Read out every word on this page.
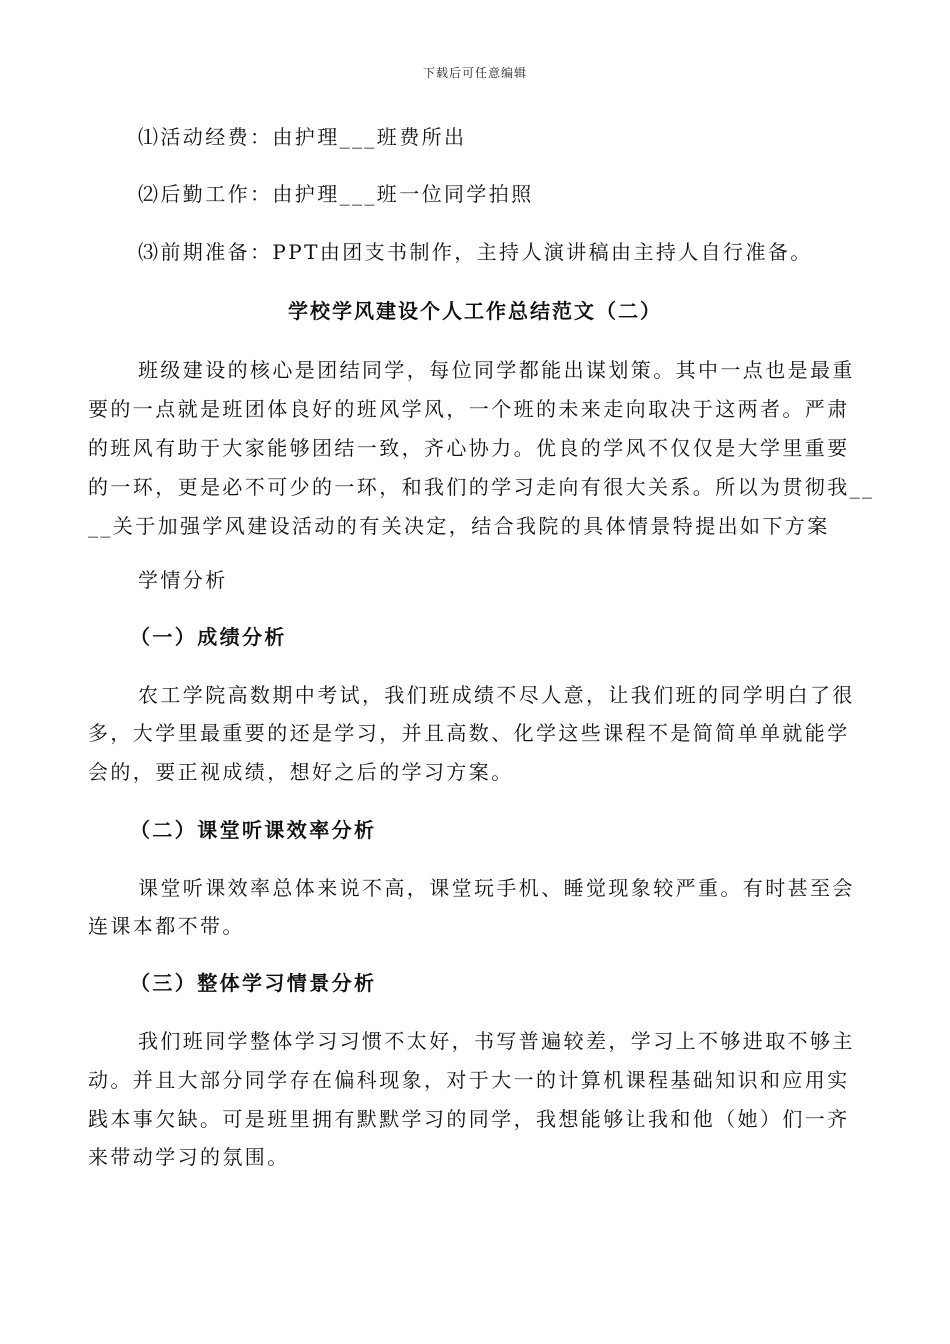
下载后可任意编辑
⑴活动经费：由护理___班费所出
⑵后勤工作：由护理___班一位同学拍照
⑶前期准备：PPT由团支书制作，主持人演讲稿由主持人自行准备。
学校学风建设个人工作总结范文（二）
班级建设的核心是团结同学，每位同学都能出谋划策。其中一点也是最重
要的一点就是班团体良好的班风学风，一个班的未来走向取决于这两者。严肃
的班风有助于大家能够团结一致，齐心协力。优良的学风不仅仅是大学里重要
的一环，更是必不可少的一环，和我们的学习走向有很大关系。所以为贯彻我__
__关于加强学风建设活动的有关决定，结合我院的具体情景特提出如下方案
学情分析
（一）成绩分析
农工学院高数期中考试，我们班成绩不尽人意，让我们班的同学明白了很
多，大学里最重要的还是学习，并且高数、化学这些课程不是简简单单就能学
会的，要正视成绩，想好之后的学习方案。
（二）课堂听课效率分析
课堂听课效率总体来说不高，课堂玩手机、睡觉现象较严重。有时甚至会
连课本都不带。
（三）整体学习情景分析
我们班同学整体学习习惯不太好，书写普遍较差，学习上不够进取不够主
动。并且大部分同学存在偏科现象，对于大一的计算机课程基础知识和应用实
践本事欠缺。可是班里拥有默默学习的同学，我想能够让我和他（她）们一齐
来带动学习的氛围。
